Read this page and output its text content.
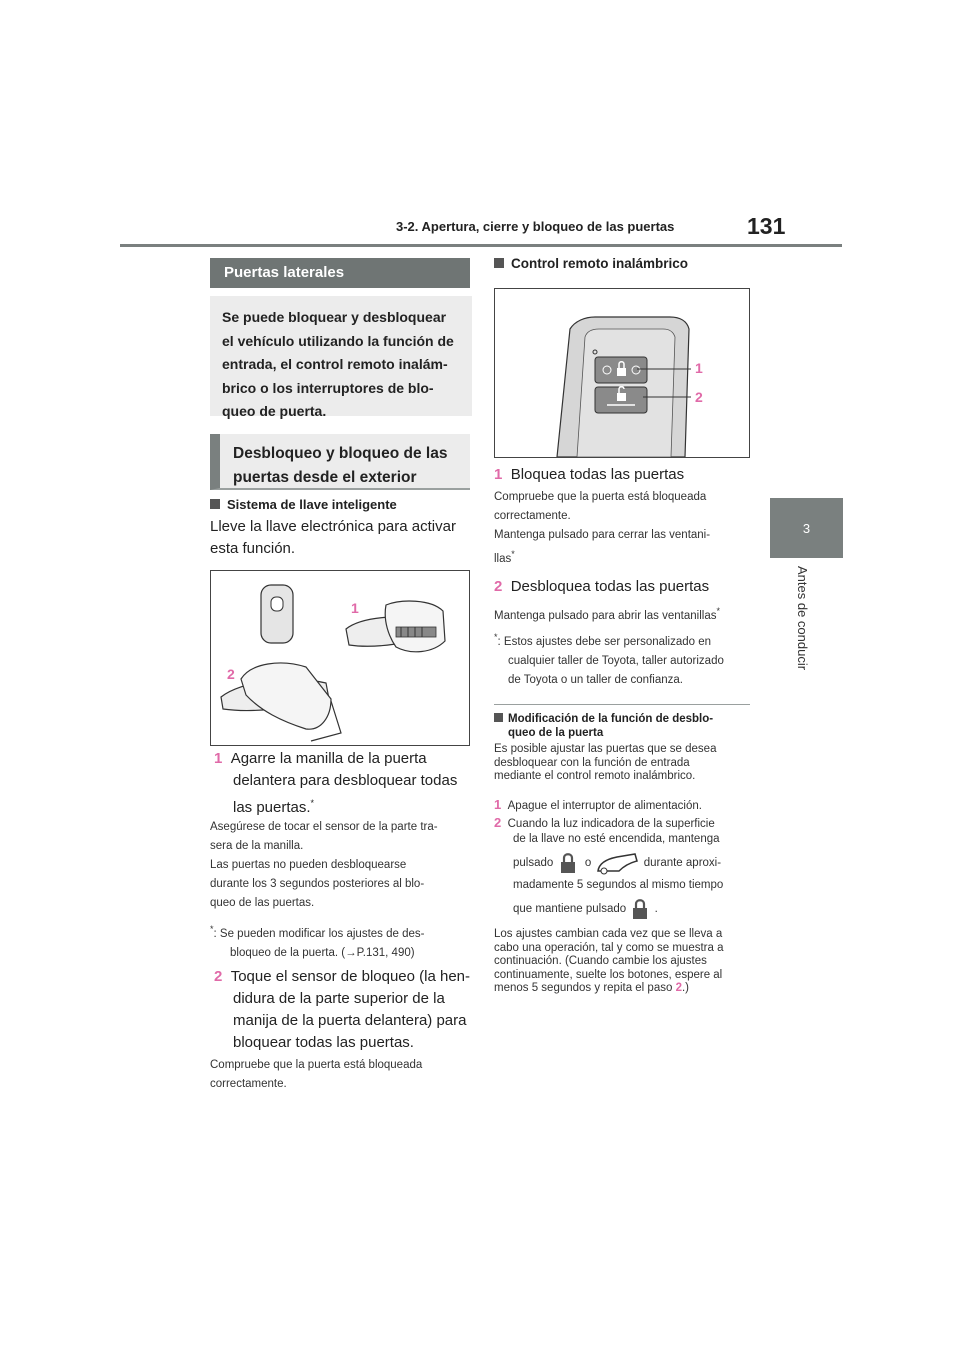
3-2. Apertura, cierre y bloqueo de las puertas	131
3
Antes de conducir
Puertas laterales
Se puede bloquear y desbloquear
el vehículo utilizando la función de
entrada, el control remoto inalám-
brico o los interruptores de blo-
queo de puerta.
Desbloqueo y bloqueo de las
puertas desde el exterior
Sistema de llave inteligente
Lleve la llave electrónica para activar
esta función.
1
2
1 Agarre la manilla de la puerta
delantera para desbloquear todas
las puertas.*
Asegúrese de tocar el sensor de la parte tra-
sera de la manilla.
Las puertas no pueden desbloquearse
durante los 3 segundos posteriores al blo-
queo de las puertas.
*: Se pueden modificar los ajustes de des-
bloqueo de la puerta. (→P.131, 490)
2 Toque el sensor de bloqueo (la hen-
didura de la parte superior de la
manija de la puerta delantera) para
bloquear todas las puertas.
Compruebe que la puerta está bloqueada
correctamente.
Control remoto inalámbrico
1
2
1 Bloquea todas las puertas
Compruebe que la puerta está bloqueada
correctamente.
Mantenga pulsado para cerrar las ventani-
llas*
2 Desbloquea todas las puertas
Mantenga pulsado para abrir las ventanillas*
*: Estos ajustes debe ser personalizado en
cualquier taller de Toyota, taller autorizado
de Toyota o un taller de confianza.
Modificación de la función de desblo-
queo de la puerta
Es posible ajustar las puertas que se desea
desbloquear con la función de entrada
mediante el control remoto inalámbrico.
1 Apague el interruptor de alimentación.
2 Cuando la luz indicadora de la superficie
de la llave no esté encendida, mantenga
pulsado	o	durante aproxi-
madamente 5 segundos al mismo tiempo
que mantiene pulsado .
Los ajustes cambian cada vez que se lleva a
cabo una operación, tal y como se muestra a
continuación. (Cuando cambie los ajustes
continuamente, suelte los botones, espere al
menos 5 segundos y repita el paso 2.)
